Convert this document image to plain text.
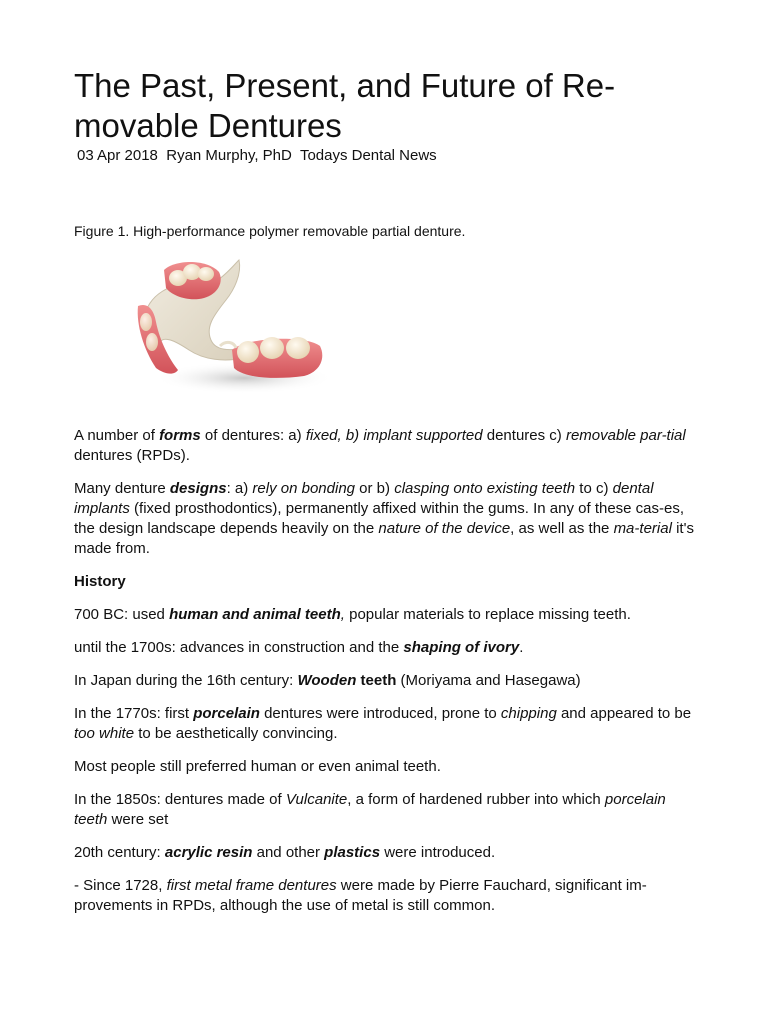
The Past, Present, and Future of Re-
movable Dentures
03 Apr 2018 Ryan Murphy, PhD Todays Dental News
Figure 1. High-performance polymer removable partial denture.

A number of forms of dentures: a) fixed, b) implant supported dentures c) removable par-tial dentures (RPDs).

Many denture designs: a) rely on bonding or b) clasping onto existing teeth to c) dental implants (fixed prosthodontics), permanently affixed within the gums. In any of these cas-es, the design landscape depends heavily on the nature of the device, as well as the ma-terial it's made from.

History

700 BC: used human and animal teeth, popular materials to replace missing teeth.

until the 1700s: advances in construction and the shaping of ivory.

In Japan during the 16th century: Wooden teeth (Moriyama and Hasegawa)

In the 1770s: first porcelain dentures were introduced, prone to chipping and appeared to be too white to be aesthetically convincing.

Most people still preferred human or even animal teeth.

In the 1850s: dentures made of Vulcanite, a form of hardened rubber into which porcelain teeth were set

20th century: acrylic resin and other plastics were introduced.

- Since 1728, first metal frame dentures were made by Pierre Fauchard, significant im-provements in RPDs, although the use of metal is still common.
